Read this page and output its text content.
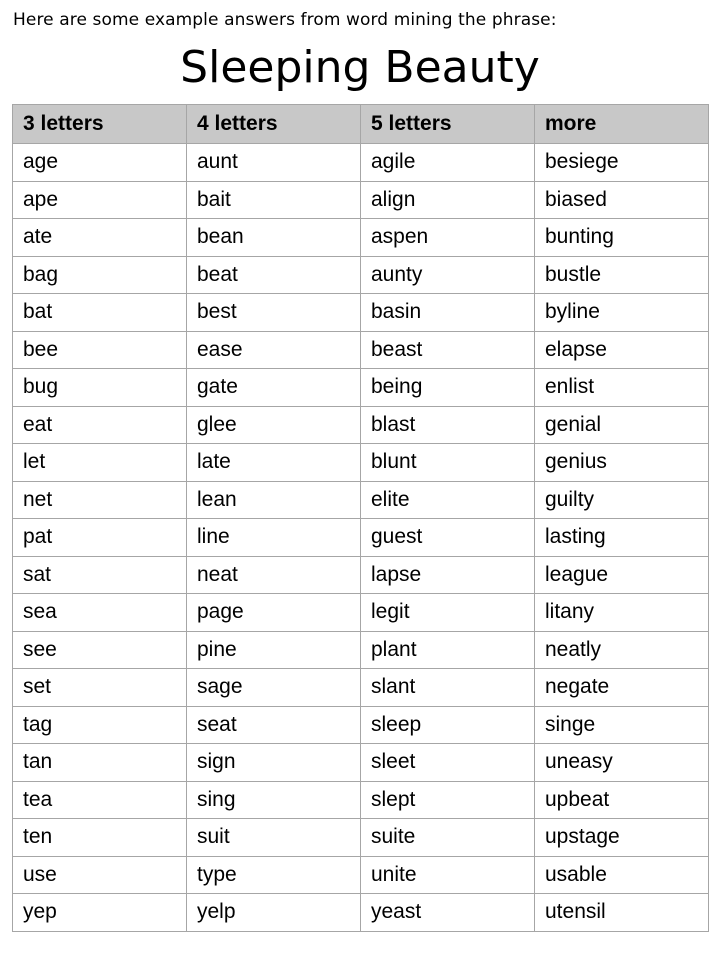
Here are some example answers from word mining the phrase:
Sleeping Beauty
3 letters	4 letters	5 letters	more
age	aunt	agile	besiege
ape	bait	align	biased
ate	bean	aspen	bunting
bag	beat	aunty	bustle
bat	best	basin	byline
bee	ease	beast	elapse
bug	gate	being	enlist
eat	glee	blast	genial
let	late	blunt	genius
net	lean	elite	guilty
pat	line	guest	lasting
sat	neat	lapse	league
sea	page	legit	litany
see	pine	plant	neatly
set	sage	slant	negate
tag	seat	sleep	singe
tan	sign	sleet	uneasy
tea	sing	slept	upbeat
ten	suit	suite	upstage
use	type	unite	usable
yep	yelp	yeast	utensil
